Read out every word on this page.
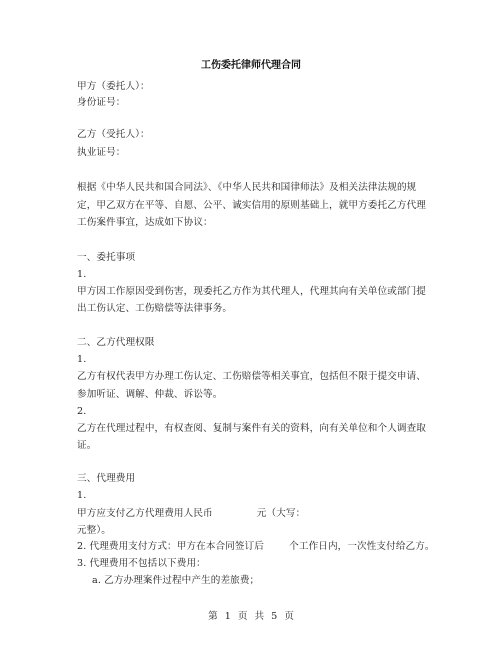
工伤委托律师代理合同
甲方（委托人）：
身份证号：
乙方（受托人）：
执业证号：
根据《中华人民共和国合同法》、《中华人民共和国律师法》及相关法律法规的规
定，甲乙双方在平等、自愿、公平、诚实信用的原则基础上，就甲方委托乙方代理
工伤案件事宜，达成如下协议：
一、委托事项
1.
甲方因工作原因受到伤害，现委托乙方作为其代理人，代理其向有关单位或部门提
出工伤认定、工伤赔偿等法律事务。
二、乙方代理权限
1.
乙方有权代表甲方办理工伤认定、工伤赔偿等相关事宜，包括但不限于提交申请、
参加听证、调解、仲裁、诉讼等。
2.
乙方在代理过程中，有权查阅、复制与案件有关的资料，向有关单位和个人调查取
证。
三、代理费用
1.
甲方应支付乙方代理费用人民币              元（大写：
元整）。
2. 代理费用支付方式：甲方在本合同签订后        个工作日内，一次性支付给乙方。
3. 代理费用不包括以下费用：
a. 乙方办理案件过程中产生的差旅费；
第 1 页 共 5 页
